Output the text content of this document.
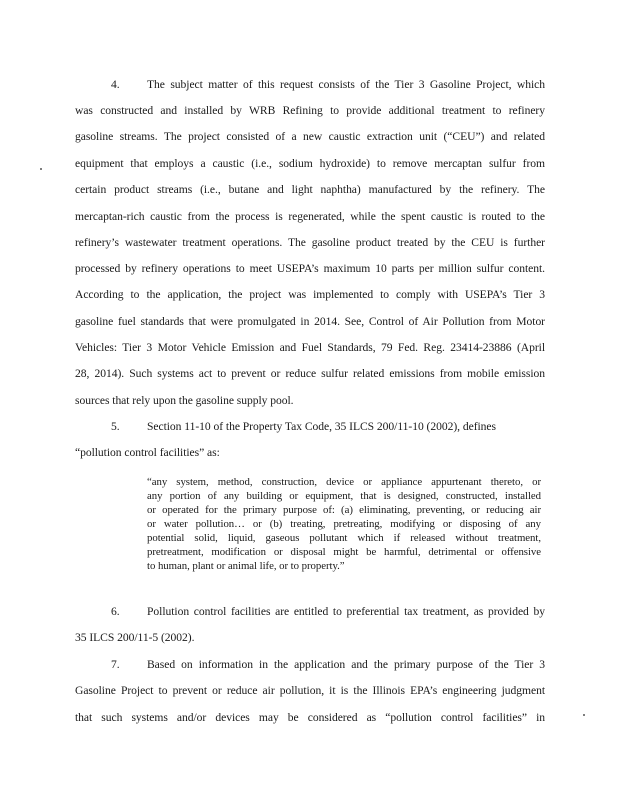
4. The subject matter of this request consists of the Tier 3 Gasoline Project, which
was constructed and installed by WRB Refining to provide additional treatment to refinery
gasoline streams. The project consisted of a new caustic extraction unit (“CEU”) and related
equipment that employs a caustic (i.e., sodium hydroxide) to remove mercaptan sulfur from
certain product streams (i.e., butane and light naphtha) manufactured by the refinery. The
mercaptan-rich caustic from the process is regenerated, while the spent caustic is routed to the
refinery’s wastewater treatment operations. The gasoline product treated by the CEU is further
processed by refinery operations to meet USEPA’s maximum 10 parts per million sulfur content.
According to the application, the project was implemented to comply with USEPA’s Tier 3
gasoline fuel standards that were promulgated in 2014. See, Control of Air Pollution from Motor
Vehicles: Tier 3 Motor Vehicle Emission and Fuel Standards, 79 Fed. Reg. 23414-23886 (April
28, 2014). Such systems act to prevent or reduce sulfur related emissions from mobile emission
sources that rely upon the gasoline supply pool.
5. Section 11-10 of the Property Tax Code, 35 ILCS 200/11-10 (2002), defines
“pollution control facilities” as:
“any system, method, construction, device or appliance appurtenant thereto, or
any portion of any building or equipment, that is designed, constructed, installed
or operated for the primary purpose of: (a) eliminating, preventing, or reducing air
or water pollution… or (b) treating, pretreating, modifying or disposing of any
potential solid, liquid, gaseous pollutant which if released without treatment,
pretreatment, modification or disposal might be harmful, detrimental or offensive
to human, plant or animal life, or to property.”
6. Pollution control facilities are entitled to preferential tax treatment, as provided by
35 ILCS 200/11-5 (2002).
7. Based on information in the application and the primary purpose of the Tier 3
Gasoline Project to prevent or reduce air pollution, it is the Illinois EPA’s engineering judgment
that such systems and/or devices may be considered as “pollution control facilities” in
